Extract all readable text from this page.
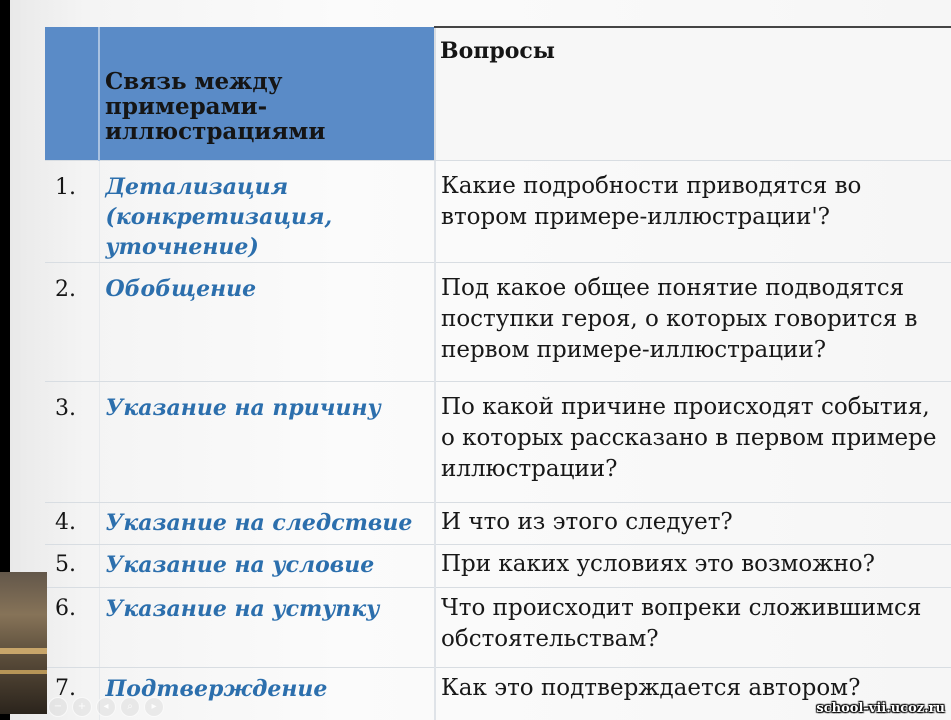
	Связь между примерами-иллюстрациями	Вопросы

1.	Детализация (конкретизация, уточнение)	Какие подробности приводятся во
втором примере-иллюстрации'?

2.	Обобщение	Под какое общее понятие подводятся
поступки героя, о которых говорится в
первом примере-иллюстрации?

3.	Указание на причину	По какой причине происходят события,
о которых рассказано в первом примере
иллюстрации?

4.	Указание на следствие	И что из этого следует?

5.	Указание на условие	При каких условиях это возможно?

6.	Указание на уступку	Что происходит вопреки сложившимся
обстоятельствам?

7.	Подтверждение	Как это подтверждается автором?
−	+	◂	⌕	▸	school-vii.ucoz.ru
